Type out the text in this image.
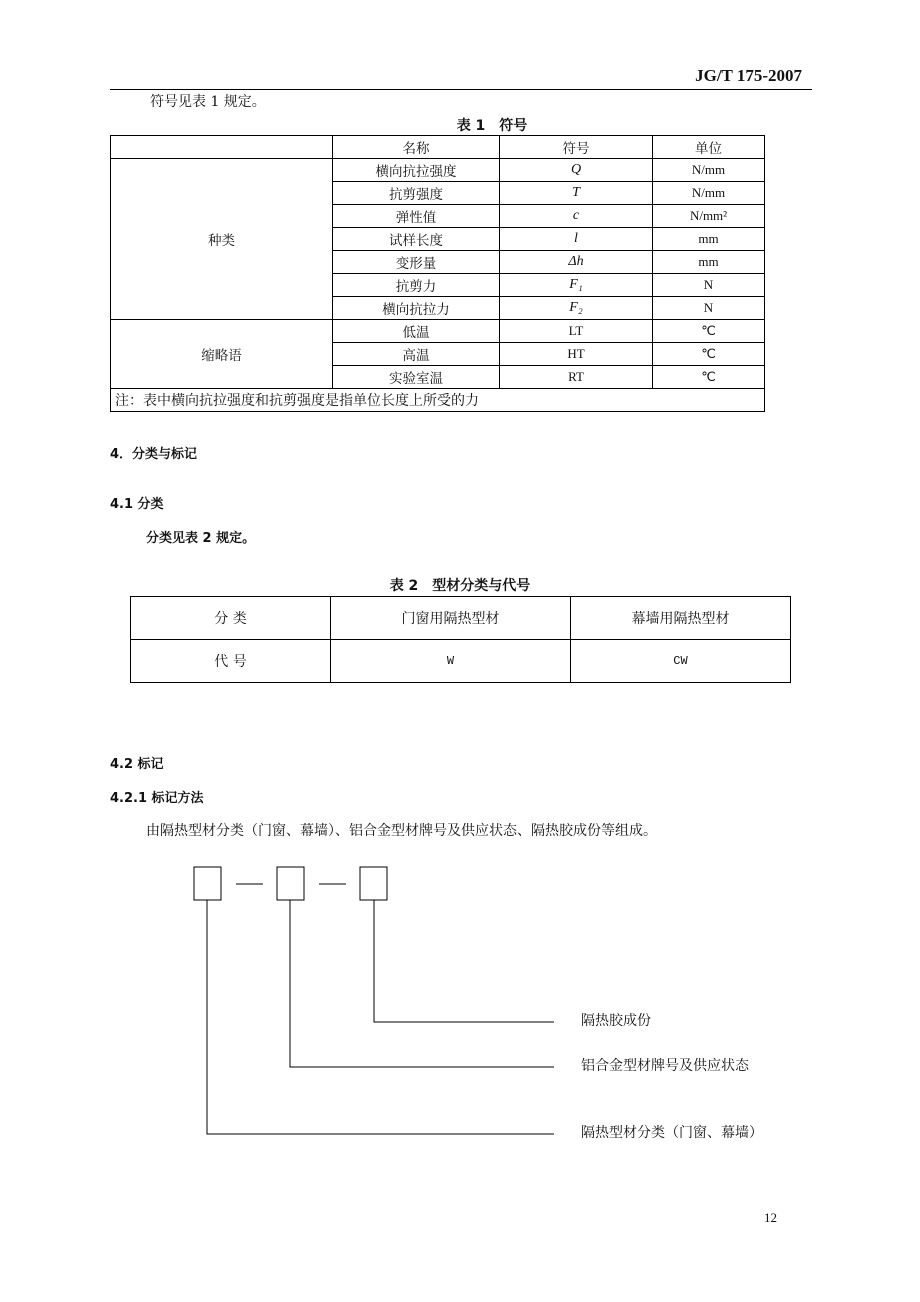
JG/T 175-2007
符号见表 1 规定。
表 1　符号
	名称	符号	单位
种类	横向抗拉强度	Q	N/mm
	抗剪强度	T	N/mm
	弹性值	c	N/mm²
	试样长度	l	mm
	变形量	Δh	mm
	抗剪力	F₁	N
	横向抗拉力	F₂	N
缩略语	低温	LT	℃
	高温	HT	℃
	实验室温	RT	℃
注：表中横向抗拉强度和抗剪强度是指单位长度上所受的力			
4．分类与标记
4.1 分类
分类见表 2 规定。
表 2　型材分类与代号
分 类	门窗用隔热型材	幕墙用隔热型材
代 号	W	CW
4.2 标记
4.2.1 标记方法
由隔热型材分类（门窗、幕墙）、铝合金型材牌号及供应状态、隔热胶成份等组成。
隔热胶成份
铝合金型材牌号及供应状态
隔热型材分类（门窗、幕墙）
12
